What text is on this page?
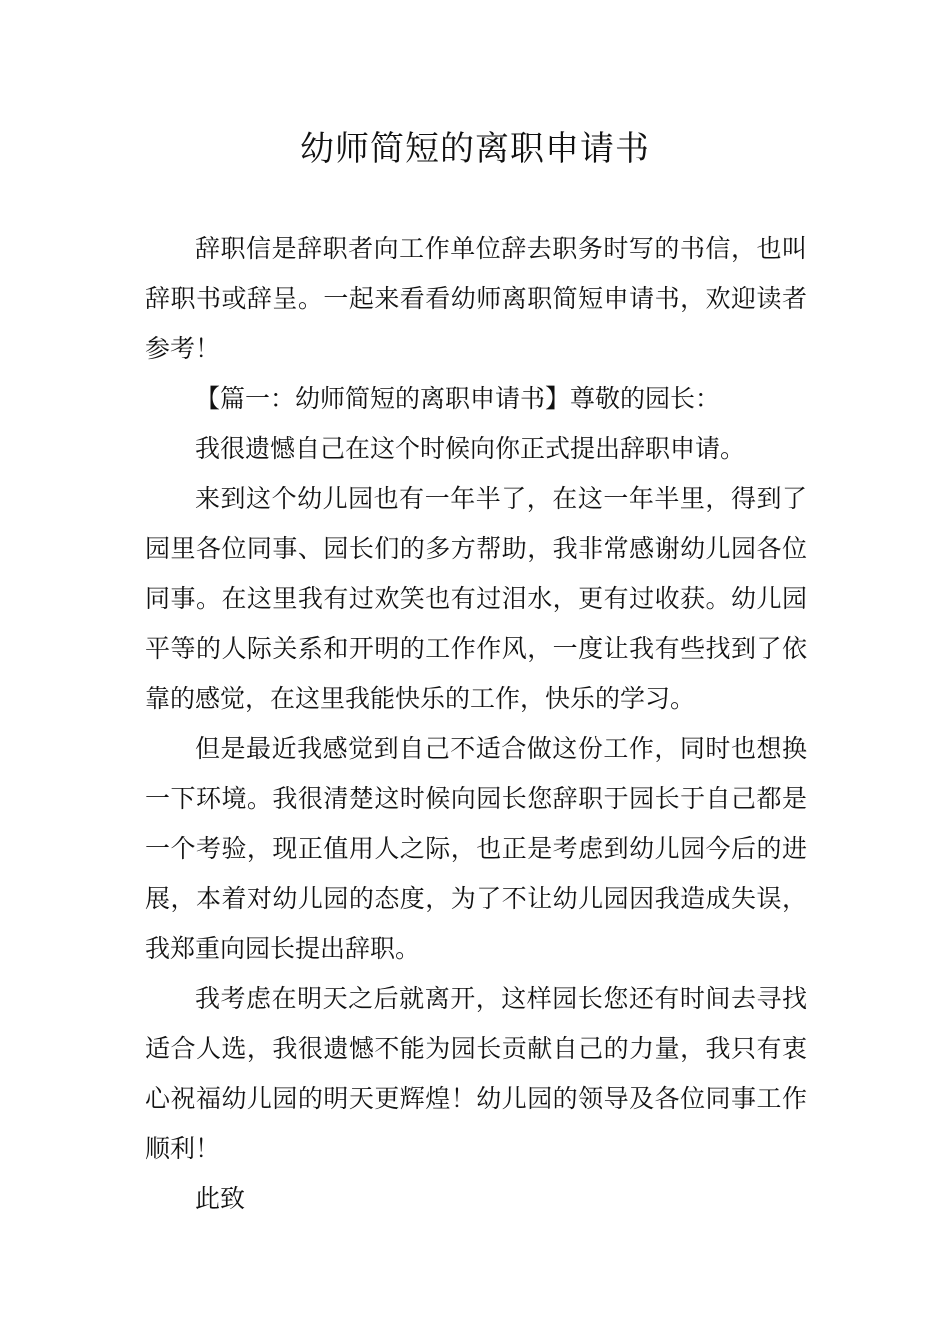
幼师简短的离职申请书

辞职信是辞职者向工作单位辞去职务时写的书信，也叫辞职书或辞呈。一起来看看幼师离职简短申请书，欢迎读者参考！

【篇一：幼师简短的离职申请书】尊敬的园长：

我很遗憾自己在这个时候向你正式提出辞职申请。

来到这个幼儿园也有一年半了，在这一年半里，得到了园里各位同事、园长们的多方帮助，我非常感谢幼儿园各位同事。在这里我有过欢笑也有过泪水，更有过收获。幼儿园平等的人际关系和开明的工作作风，一度让我有些找到了依靠的感觉，在这里我能快乐的工作，快乐的学习。

但是最近我感觉到自己不适合做这份工作，同时也想换一下环境。我很清楚这时候向园长您辞职于园长于自己都是一个考验，现正值用人之际，也正是考虑到幼儿园今后的进展，本着对幼儿园的态度，为了不让幼儿园因我造成失误，我郑重向园长提出辞职。

我考虑在明天之后就离开，这样园长您还有时间去寻找适合人选，我很遗憾不能为园长贡献自己的力量，我只有衷心祝福幼儿园的明天更辉煌！幼儿园的领导及各位同事工作顺利！

此致
